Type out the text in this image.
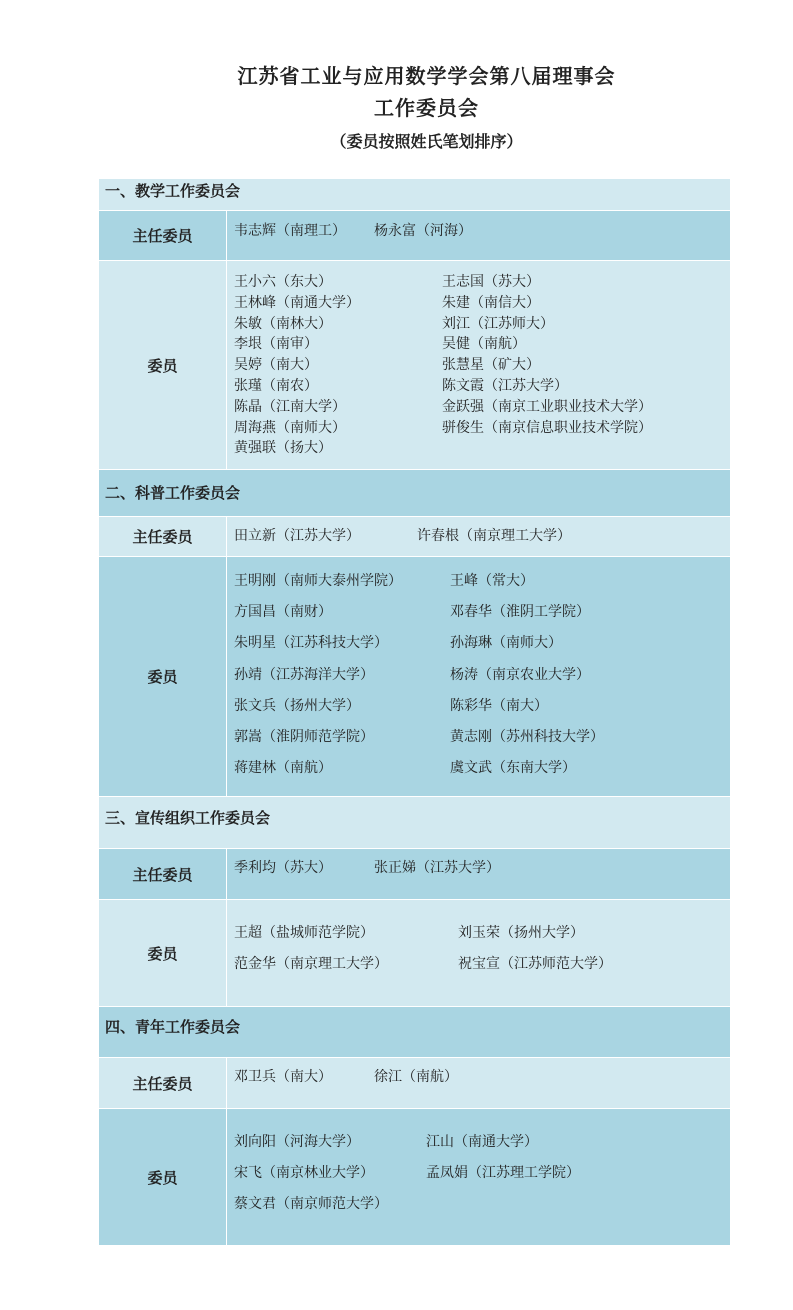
江苏省工业与应用数学学会第八届理事会
工作委员会
（委员按照姓氏笔划排序）
一、教学工作委员会
主任委员	韦志辉（南理工） 杨永富（河海）
委员
王小六（东大）	王志国（苏大）
王林峰（南通大学）	朱建（南信大）
朱敏（南林大）	刘江（江苏师大）
李垠（南审）	吴健（南航）
吴婷（南大）	张慧星（矿大）
张瑾（南农）	陈文霞（江苏大学）
陈晶（江南大学）	金跃强（南京工业职业技术大学）
周海燕（南师大）	骈俊生（南京信息职业技术学院）
黄强联（扬大）
二、科普工作委员会
主任委员	田立新（江苏大学）	许春根（南京理工大学）
委员
王明刚（南师大泰州学院）	王峰（常大）
方国昌（南财）	邓春华（淮阴工学院）
朱明星（江苏科技大学）	孙海琳（南师大）
孙靖（江苏海洋大学）	杨涛（南京农业大学）
张文兵（扬州大学）	陈彩华（南大）
郭嵩（淮阴师范学院）	黄志刚（苏州科技大学）
蒋建林（南航）	虞文武（东南大学）
三、宣传组织工作委员会
主任委员	季利均（苏大）	张正娣（江苏大学）
委员
王超（盐城师范学院）	刘玉荣（扬州大学）
范金华（南京理工大学）	祝宝宣（江苏师范大学）
四、青年工作委员会
主任委员	邓卫兵（南大）	徐江（南航）
委员
刘向阳（河海大学）	江山（南通大学）
宋飞（南京林业大学）	孟凤娟（江苏理工学院）
蔡文君（南京师范大学）
